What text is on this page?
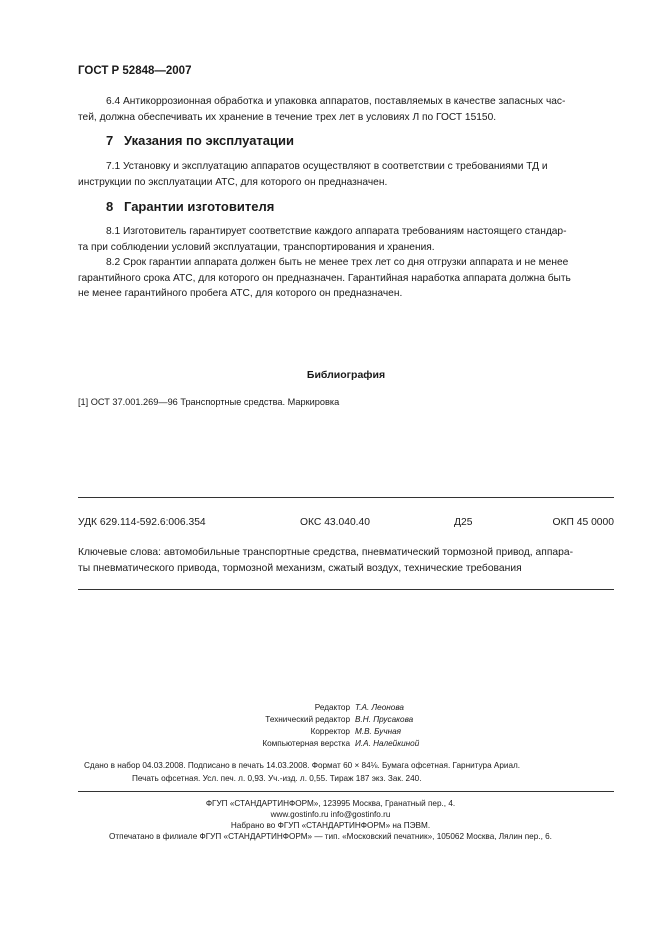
ГОСТ Р 52848—2007
6.4 Антикоррозионная обработка и упаковка аппаратов, поставляемых в качестве запасных час-
тей, должна обеспечивать их хранение в течение трех лет в условиях Л по ГОСТ 15150.
7 Указания по эксплуатации
7.1 Установку и эксплуатацию аппаратов осуществляют в соответствии с требованиями ТД и
инструкции по эксплуатации АТС, для которого он предназначен.
8 Гарантии изготовителя
8.1 Изготовитель гарантирует соответствие каждого аппарата требованиям настоящего стандар-
та при соблюдении условий эксплуатации, транспортирования и хранения.
8.2 Срок гарантии аппарата должен быть не менее трех лет со дня отгрузки аппарата и не менее
гарантийного срока АТС, для которого он предназначен. Гарантийная наработка аппарата должна быть
не менее гарантийного пробега АТС, для которого он предназначен.
Библиография
[1] ОСТ 37.001.269—96 Транспортные средства. Маркировка
УДК 629.114-592.6:006.354	ОКС 43.040.40	Д25	ОКП 45 0000
Ключевые слова: автомобильные транспортные средства, пневматический тормозной привод, аппара-
ты пневматического привода, тормозной механизм, сжатый воздух, технические требования
Редактор Т.А. Леонова
Технический редактор В.Н. Прусакова
Корректор М.В. Бучная
Компьютерная верстка И.А. Налейкиной
Сдано в набор 04.03.2008. Подписано в печать 14.03.2008. Формат 60 × 84⅛. Бумага офсетная. Гарнитура Ариал.
Печать офсетная. Усл. печ. л. 0,93. Уч.-изд. л. 0,55. Тираж 187 экз. Зак. 240.
ФГУП «СТАНДАРТИНФОРМ», 123995 Москва, Гранатный пер., 4.
www.gostinfo.ru info@gostinfo.ru
Набрано во ФГУП «СТАНДАРТИНФОРМ» на ПЭВМ.
Отпечатано в филиале ФГУП «СТАНДАРТИНФОРМ» — тип. «Московский печатник», 105062 Москва, Лялин пер., 6.
